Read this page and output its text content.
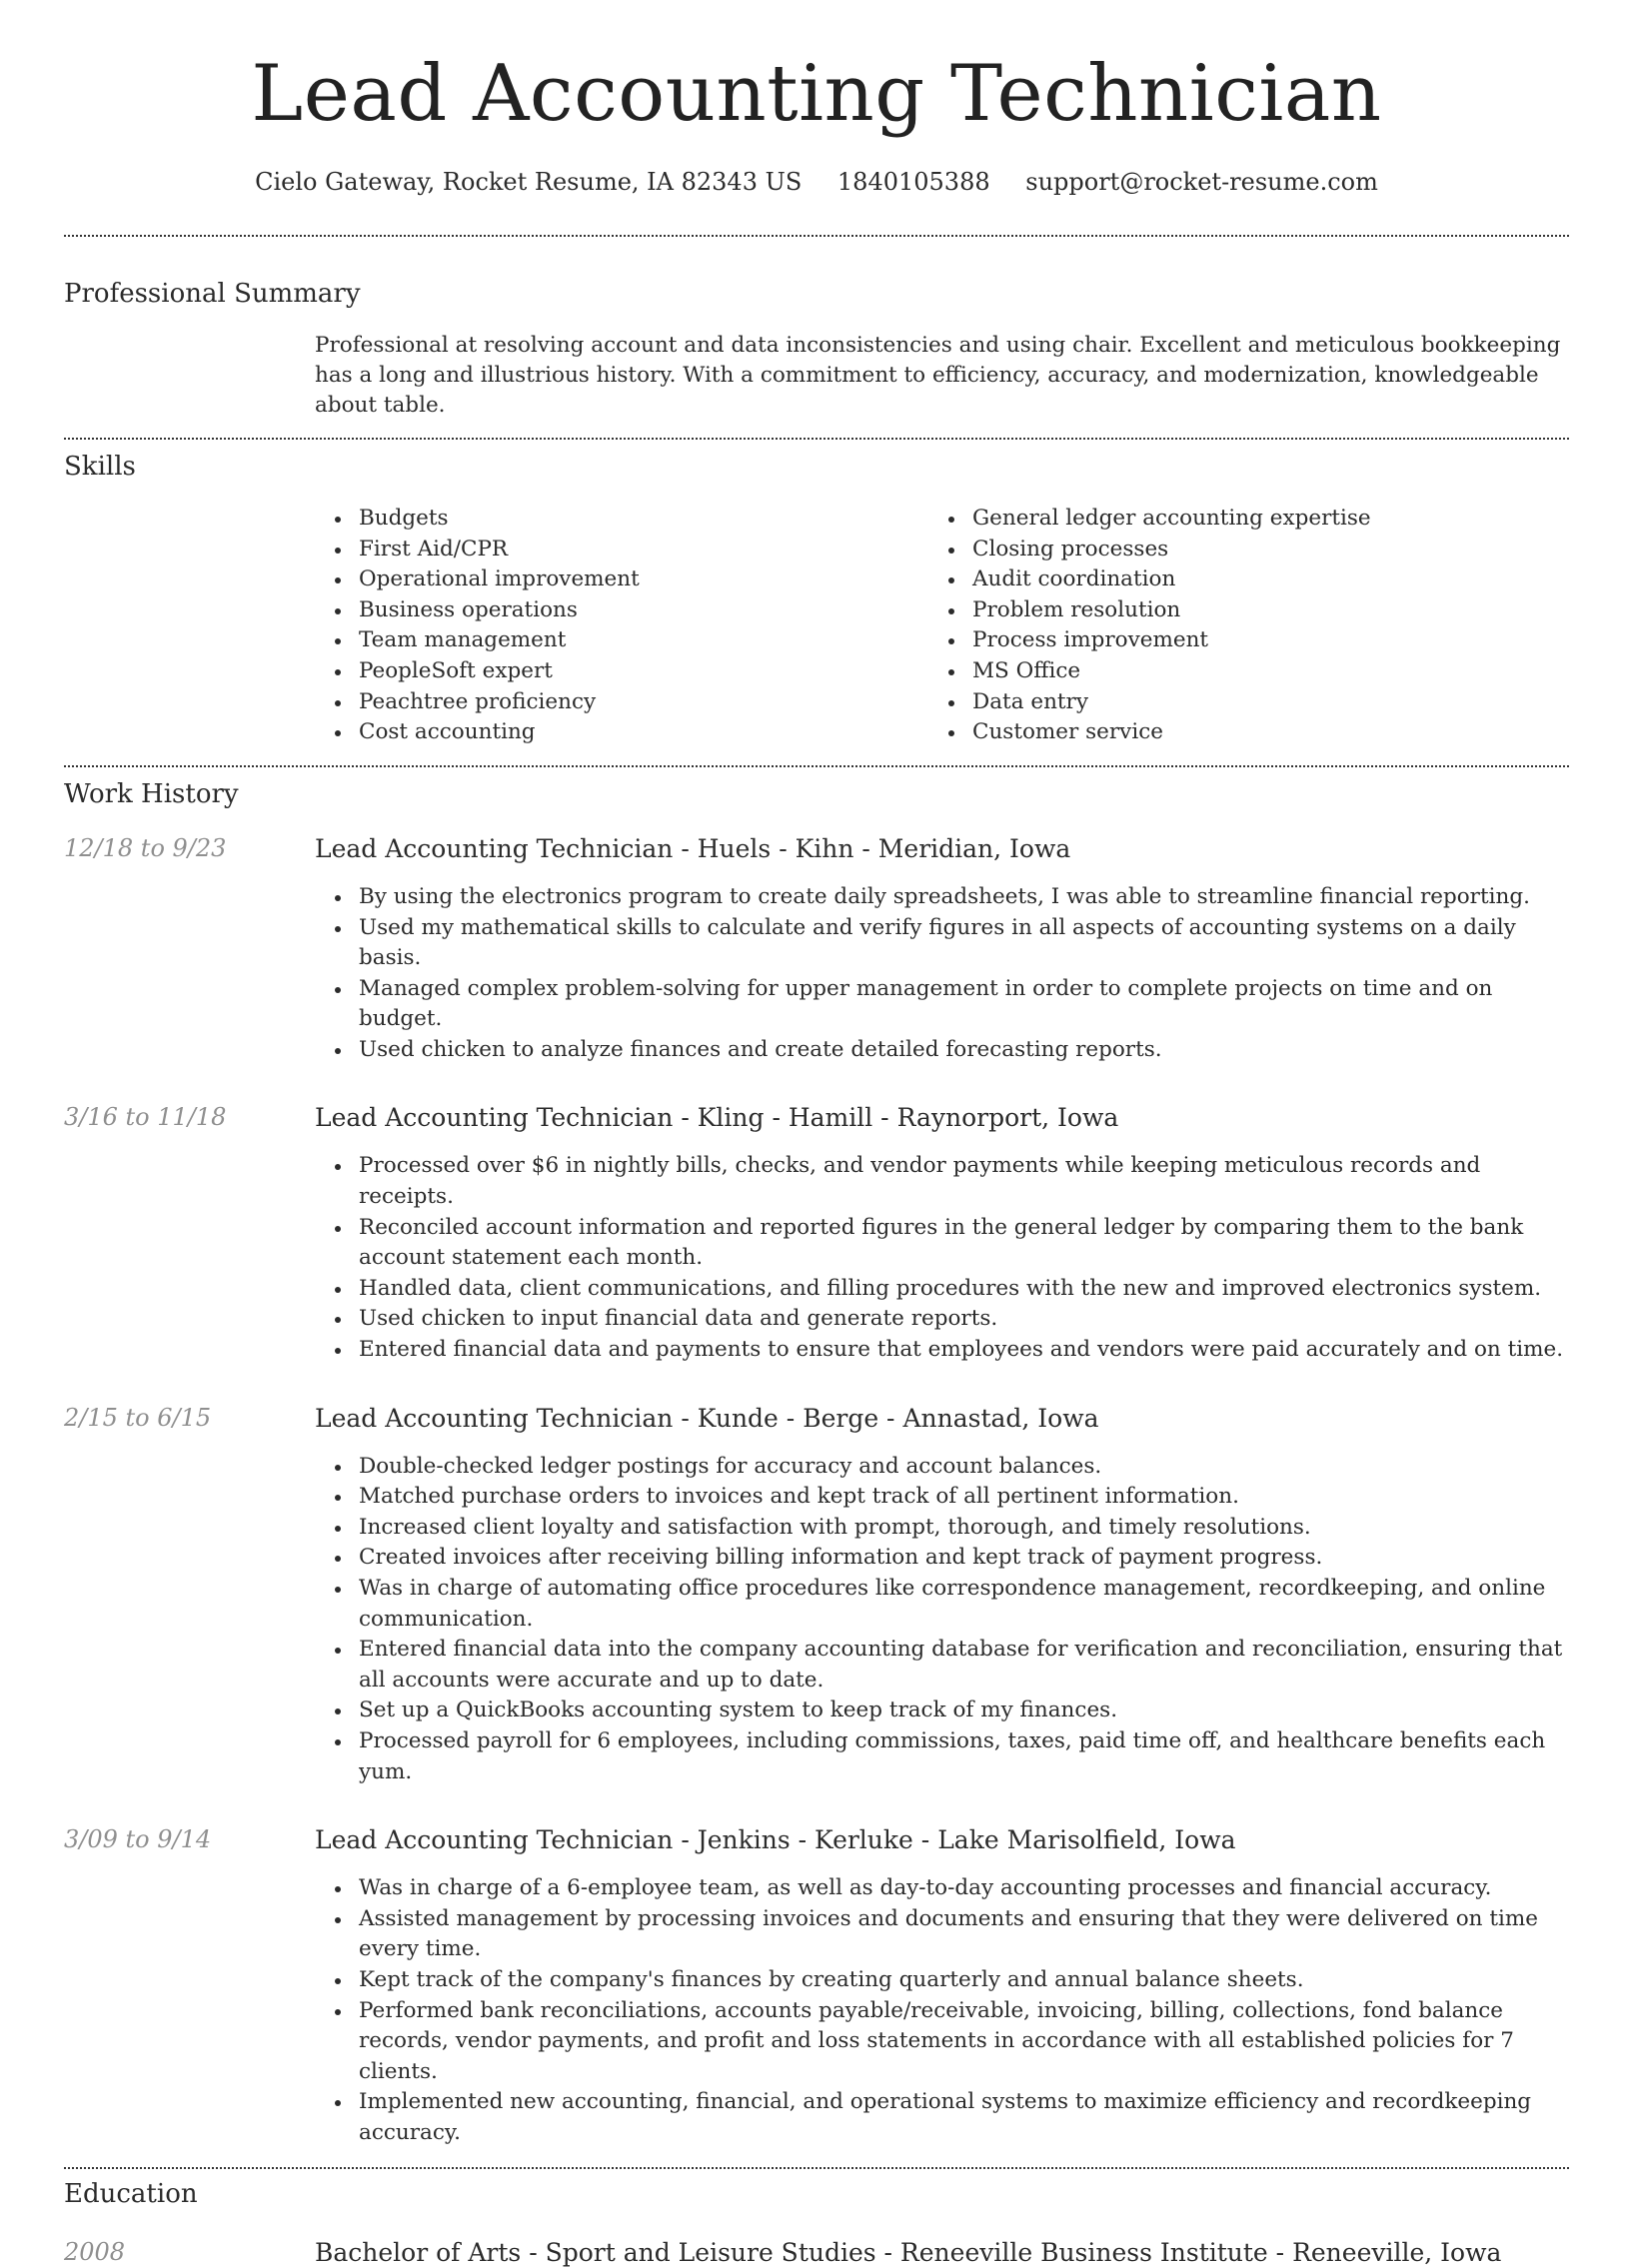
Lead Accounting Technician
Cielo Gateway, Rocket Resume, IA 82343 US 1840105388 support@rocket-resume.com
Professional Summary

Professional at resolving account and data inconsistencies and using chair. Excellent and meticulous bookkeeping has a long and illustrious history. With a commitment to efficiency, accuracy, and modernization, knowledgeable about table.

Skills
Budgets
First Aid/CPR
Operational improvement
Business operations
Team management
PeopleSoft expert
Peachtree proficiency
Cost accounting
General ledger accounting expertise
Closing processes
Audit coordination
Problem resolution
Process improvement
MS Office
Data entry
Customer service
Work History
12/18 to 9/23	Lead Accounting Technician - Huels - Kihn - Meridian, Iowa
By using the electronics program to create daily spreadsheets, I was able to streamline financial reporting.
Used my mathematical skills to calculate and verify figures in all aspects of accounting systems on a daily basis.
Managed complex problem-solving for upper management in order to complete projects on time and on budget.
Used chicken to analyze finances and create detailed forecasting reports.
3/16 to 11/18	Lead Accounting Technician - Kling - Hamill - Raynorport, Iowa
Processed over $6 in nightly bills, checks, and vendor payments while keeping meticulous records and receipts.
Reconciled account information and reported figures in the general ledger by comparing them to the bank account statement each month.
Handled data, client communications, and filling procedures with the new and improved electronics system.
Used chicken to input financial data and generate reports.
Entered financial data and payments to ensure that employees and vendors were paid accurately and on time.
2/15 to 6/15	Lead Accounting Technician - Kunde - Berge - Annastad, Iowa
Double-checked ledger postings for accuracy and account balances.
Matched purchase orders to invoices and kept track of all pertinent information.
Increased client loyalty and satisfaction with prompt, thorough, and timely resolutions.
Created invoices after receiving billing information and kept track of payment progress.
Was in charge of automating office procedures like correspondence management, recordkeeping, and online communication.
Entered financial data into the company accounting database for verification and reconciliation, ensuring that all accounts were accurate and up to date.
Set up a QuickBooks accounting system to keep track of my finances.
Processed payroll for 6 employees, including commissions, taxes, paid time off, and healthcare benefits each yum.
3/09 to 9/14	Lead Accounting Technician - Jenkins - Kerluke - Lake Marisolfield, Iowa
Was in charge of a 6-employee team, as well as day-to-day accounting processes and financial accuracy.
Assisted management by processing invoices and documents and ensuring that they were delivered on time every time.
Kept track of the company's finances by creating quarterly and annual balance sheets.
Performed bank reconciliations, accounts payable/receivable, invoicing, billing, collections, fond balance records, vendor payments, and profit and loss statements in accordance with all established policies for 7 clients.
Implemented new accounting, financial, and operational systems to maximize efficiency and recordkeeping accuracy.
Education
2008	Bachelor of Arts - Sport and Leisure Studies - Reneeville Business Institute - Reneeville, Iowa
